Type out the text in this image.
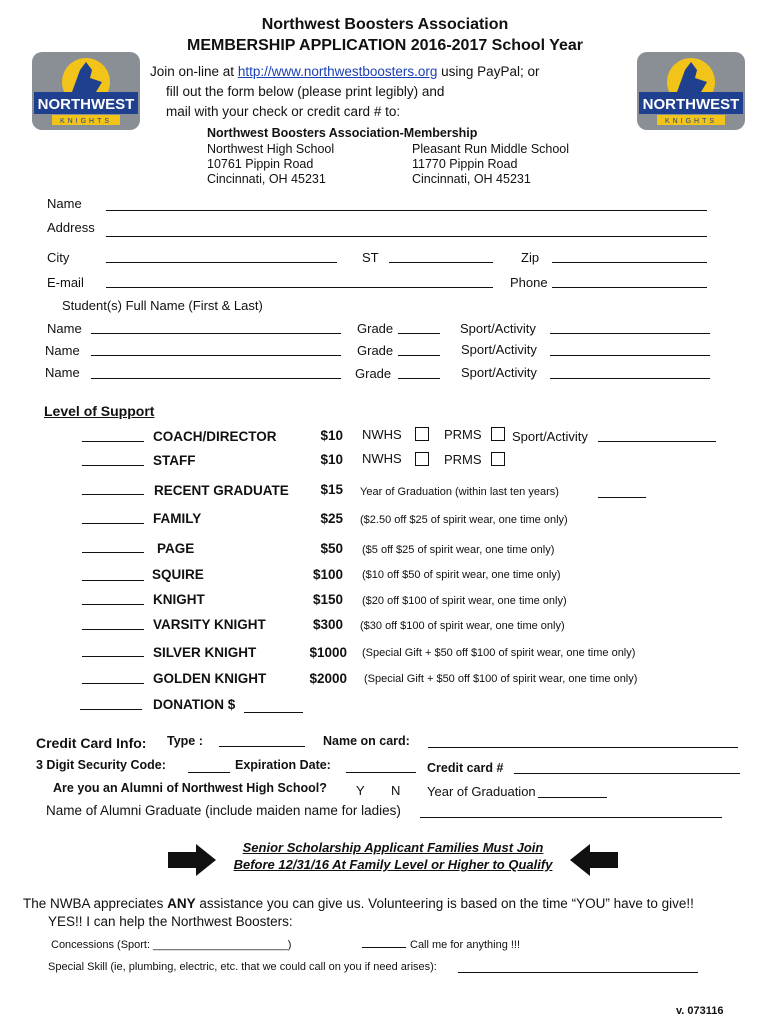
NORTHWEST
KNIGHTS
NORTHWEST
KNIGHTS
Northwest Boosters Association
MEMBERSHIP APPLICATION 2016-2017 School Year
Join on-line at http://www.northwestboosters.org using PayPal; or
fill out the form below (please print legibly) and
mail with your check or credit card # to:
Northwest Boosters Association-Membership
Northwest High School
10761 Pippin Road
Cincinnati, OH 45231
Pleasant Run Middle School
11770 Pippin Road
Cincinnati, OH 45231
Name
Address
City	ST	Zip
E-mail	Phone
Student(s) Full Name (First & Last)
Name	Grade	Sport/Activity
Name	Grade	Sport/Activity
Name	Grade	Sport/Activity
Level of Support
COACH/DIRECTOR	$10 NWHS	PRMS Sport/Activity
STAFF	$10 NWHS	PRMS
RECENT GRADUATE	$15 Year of Graduation (within last ten years)
FAMILY	$25 ($2.50 off $25 of spirit wear, one time only)
PAGE	$50 ($5 off $25 of spirit wear, one time only)
SQUIRE	$100 ($10 off $50 of spirit wear, one time only)
KNIGHT	$150 ($20 off $100 of spirit wear, one time only)
VARSITY KNIGHT	$300 ($30 off $100 of spirit wear, one time only)
SILVER KNIGHT	$1000 (Special Gift + $50 off $100 of spirit wear, one time only)
GOLDEN KNIGHT	$2000 (Special Gift + $50 off $100 of spirit wear, one time only)
DONATION $
Credit Card Info: Type :	Name on card:
3 Digit Security Code:	Expiration Date:	Credit card #
Are you an Alumni of Northwest High School? Y N Year of Graduation
Name of Alumni Graduate (include maiden name for ladies)
Senior Scholarship Applicant Families Must Join
Before 12/31/16 At Family Level or Higher to Qualify
The NWBA appreciates ANY assistance you can give us. Volunteering is based on the time “YOU” have to give!!
YES!! I can help the Northwest Boosters:
Concessions (Sport: ______________________)	Call me for anything !!!
Special Skill (ie, plumbing, electric, etc. that we could call on you if need arises):
v. 073116
